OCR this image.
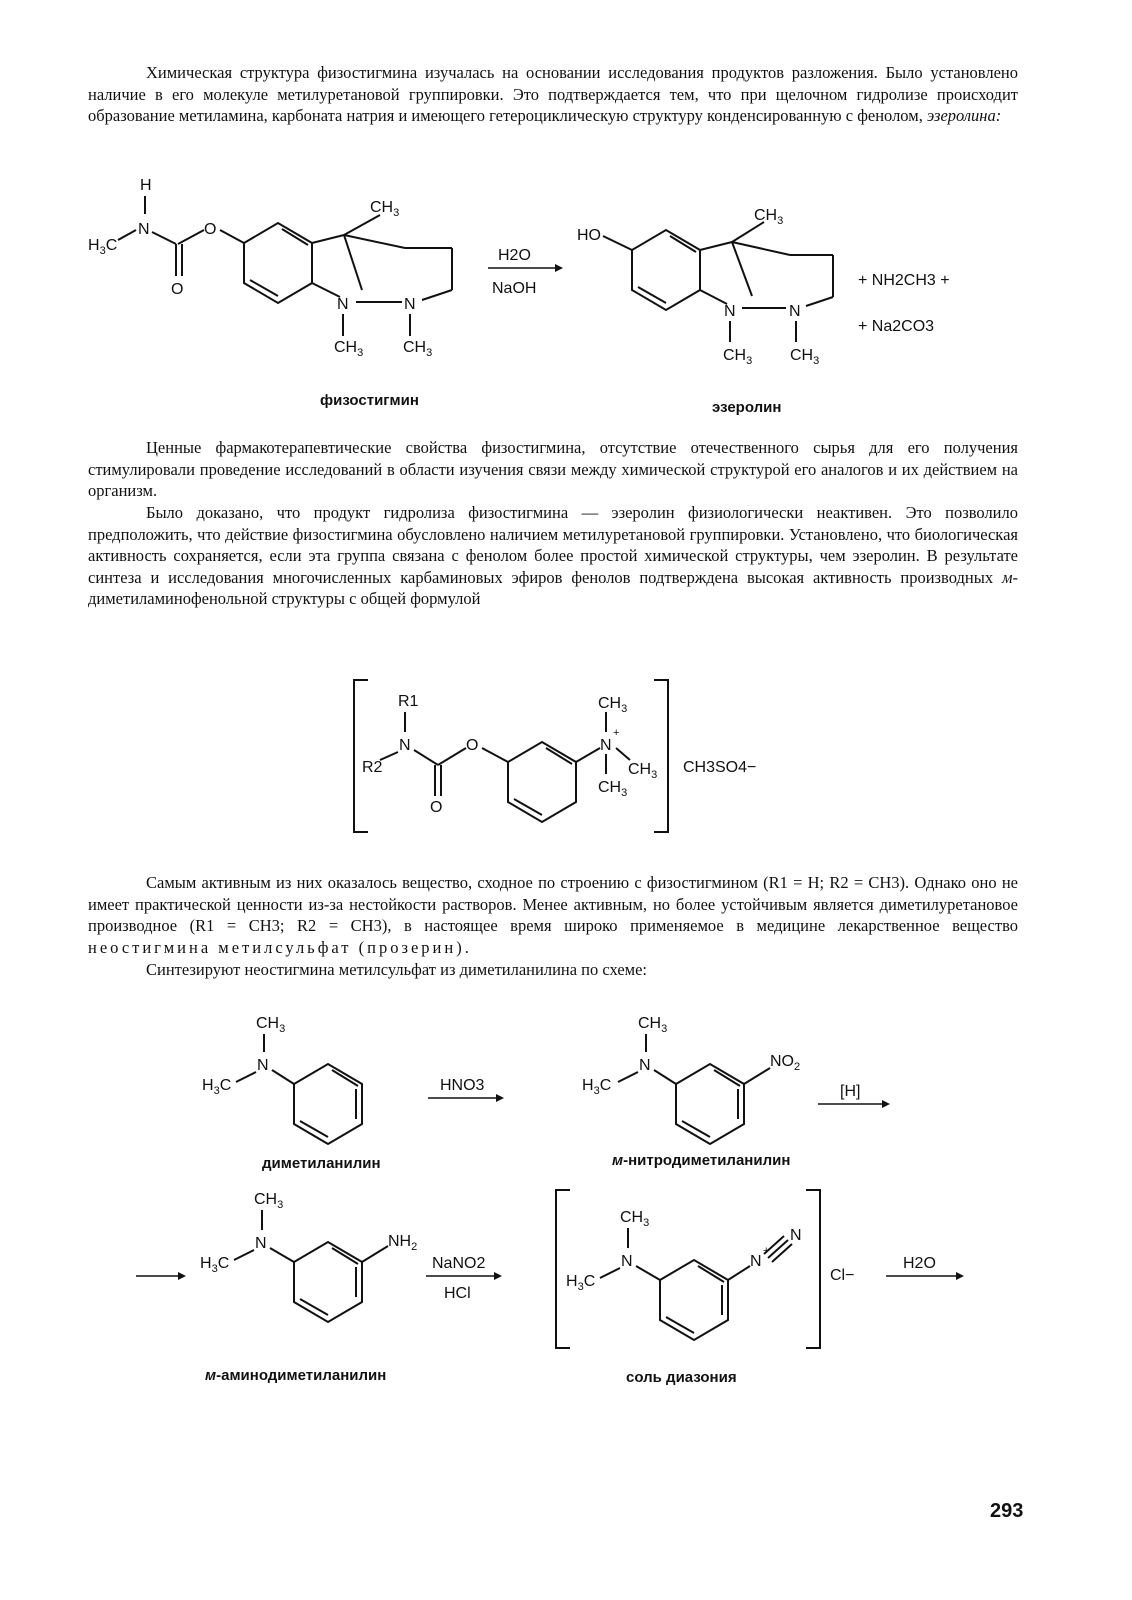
Химическая структура физостигмина изучалась на основании исследования продуктов разложения. Было установлено наличие в его молекуле метилуретановой группировки. Это подтверждается тем, что при щелочном гидролизе происходит образование метиламина, карбоната натрия и имеющего гетероциклическую структуру конденсированную с фенолом, эзеролина:

H
N
$H_3C$
O
O
$CH_3$
N	N
$CH_3$ $CH_3$
физостигмин
H2O
NaOH
HO
$CH_3$
N	N
$CH_3$ $CH_3$
эзеролин
+ NH2CH3 +
+ Na2CO3
R1
N
R2
O
O	N
+
$CH_3$
$CH_3$
$CH_3$
CH3SO4−
$CH_3$
N
$H_3C$
диметиланилин
HNO3
$CH_3$
N
$H_3C$
$NO_2$
м-нитродиметиланилин
[H]
$CH_3$
N
$H_3C$
$NH_2$
м-аминодиметиланилин
NaNO2
HCl
$CH_3$
N
$H_3C$
N
+
N
Cl−
соль диазония
H2O

Ценные фармакотерапевтические свойства физостигмина, отсутствие отечественного сырья для его получения стимулировали проведение исследований в области изучения связи между химической структурой его аналогов и их действием на организм.

Было доказано, что продукт гидролиза физостигмина — эзеролин физиологически неактивен. Это позволило предположить, что действие физостигмина обусловлено наличием метилуретановой группировки. Установлено, что биологическая активность сохраняется, если эта группа связана с фенолом более простой химической структуры, чем эзеролин. В результате синтеза и исследования многочисленных карбаминовых эфиров фенолов подтверждена высокая активность производных м-диметиламинофенольной структуры с общей формулой

Самым активным из них оказалось вещество, сходное по строению с физостигмином (R1 = H; R2 = CH3). Однако оно не имеет практической ценности из-за нестойкости растворов. Менее активным, но более устойчивым является диметилуретановое производное (R1 = CH3; R2 = CH3), в настоящее время широко применяемое в медицине лекарственное вещество неостигмина метилсульфат (прозерин).

Синтезируют неостигмина метилсульфат из диметиланилина по схеме:

293
